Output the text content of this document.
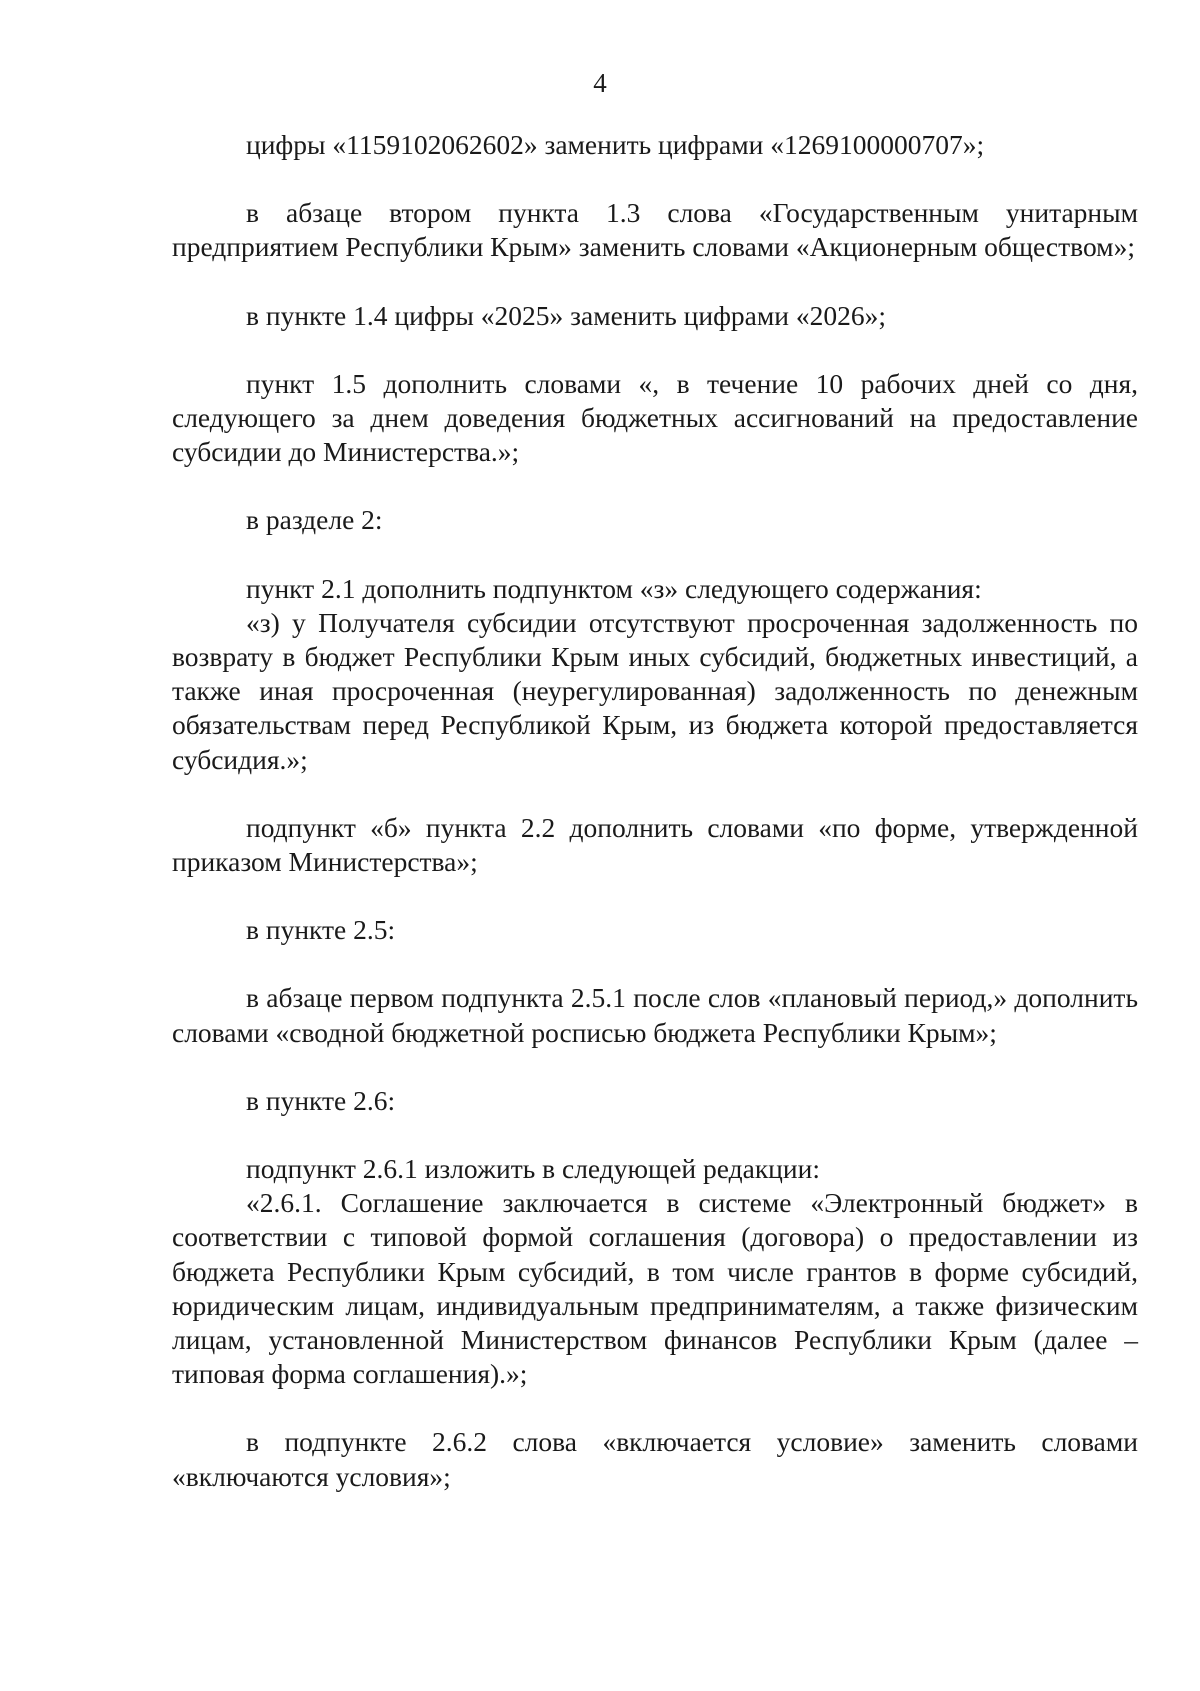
4

цифры «1159102062602» заменить цифрами «1269100000707»;

в абзаце втором пункта 1.3 слова «Государственным унитарным предприятием Республики Крым» заменить словами «Акционерным обществом»;

в пункте 1.4 цифры «2025» заменить цифрами «2026»;

пункт 1.5 дополнить словами «, в течение 10 рабочих дней со дня, следующего за днем доведения бюджетных ассигнований на предоставление субсидии до Министерства.»;

в разделе 2:

пункт 2.1 дополнить подпунктом «з» следующего содержания:

«з) у Получателя субсидии отсутствуют просроченная задолженность по возврату в бюджет Республики Крым иных субсидий, бюджетных инвестиций, а также иная просроченная (неурегулированная) задолженность по денежным обязательствам перед Республикой Крым, из бюджета которой предоставляется субсидия.»;

подпункт «б» пункта 2.2 дополнить словами «по форме, утвержденной приказом Министерства»;

в пункте 2.5:

в абзаце первом подпункта 2.5.1 после слов «плановый период,» дополнить словами «сводной бюджетной росписью бюджета Республики Крым»;

в пункте 2.6:

подпункт 2.6.1 изложить в следующей редакции:

«2.6.1. Соглашение заключается в системе «Электронный бюджет» в соответствии с типовой формой соглашения (договора) о предоставлении из бюджета Республики Крым субсидий, в том числе грантов в форме субсидий, юридическим лицам, индивидуальным предпринимателям, а также физическим лицам, установленной Министерством финансов Республики Крым (далее – типовая форма соглашения).»;

в подпункте 2.6.2 слова «включается условие» заменить словами «включаются условия»;
